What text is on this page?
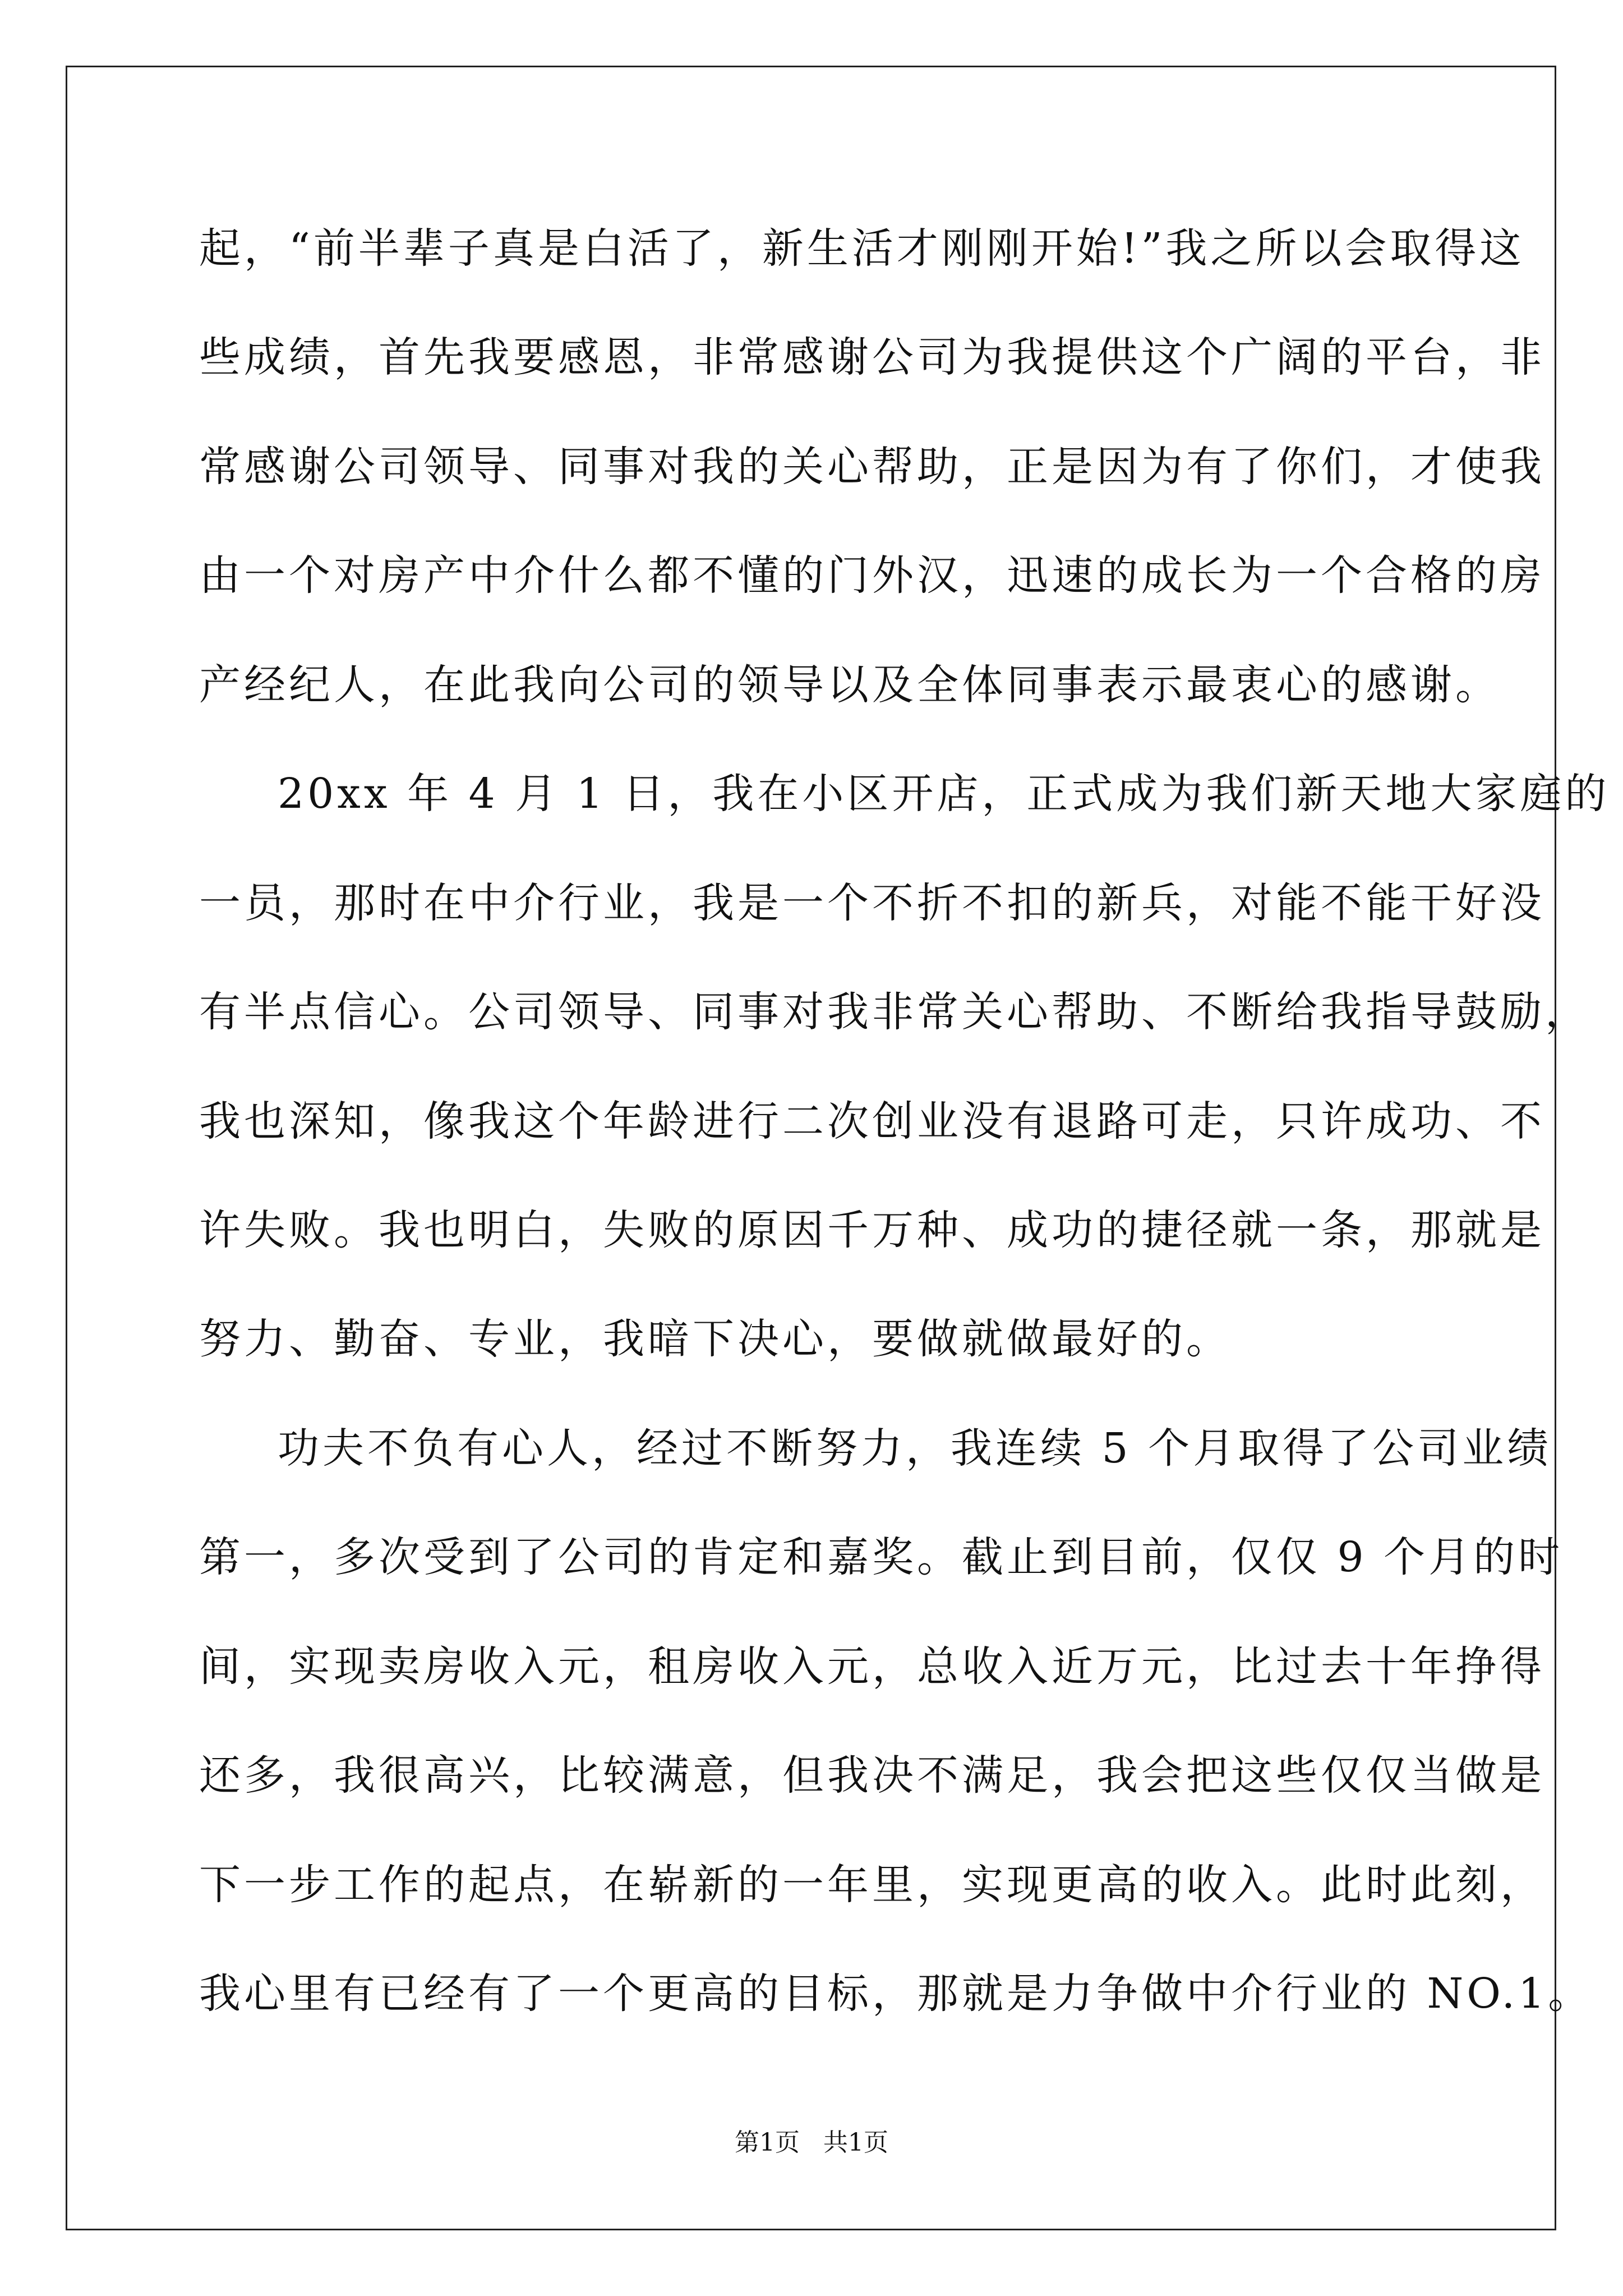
起，“前半辈子真是白活了，新生活才刚刚开始!”我之所以会取得这
些成绩，首先我要感恩，非常感谢公司为我提供这个广阔的平台，非
常感谢公司领导、同事对我的关心帮助，正是因为有了你们，才使我
由一个对房产中介什么都不懂的门外汉，迅速的成长为一个合格的房
产经纪人，在此我向公司的领导以及全体同事表示最衷心的感谢。
20xx 年 4 月 1 日，我在小区开店，正式成为我们新天地大家庭的
一员，那时在中介行业，我是一个不折不扣的新兵，对能不能干好没
有半点信心。公司领导、同事对我非常关心帮助、不断给我指导鼓励，
我也深知，像我这个年龄进行二次创业没有退路可走，只许成功、不
许失败。我也明白，失败的原因千万种、成功的捷径就一条，那就是
努力、勤奋、专业，我暗下决心，要做就做最好的。
功夫不负有心人，经过不断努力，我连续 5 个月取得了公司业绩
第一，多次受到了公司的肯定和嘉奖。截止到目前，仅仅 9 个月的时
间，实现卖房收入元，租房收入元，总收入近万元，比过去十年挣得
还多，我很高兴，比较满意，但我决不满足，我会把这些仅仅当做是
下一步工作的起点，在崭新的一年里，实现更高的收入。此时此刻，
我心里有已经有了一个更高的目标，那就是力争做中介行业的 NO.1。
第1页   共1页
